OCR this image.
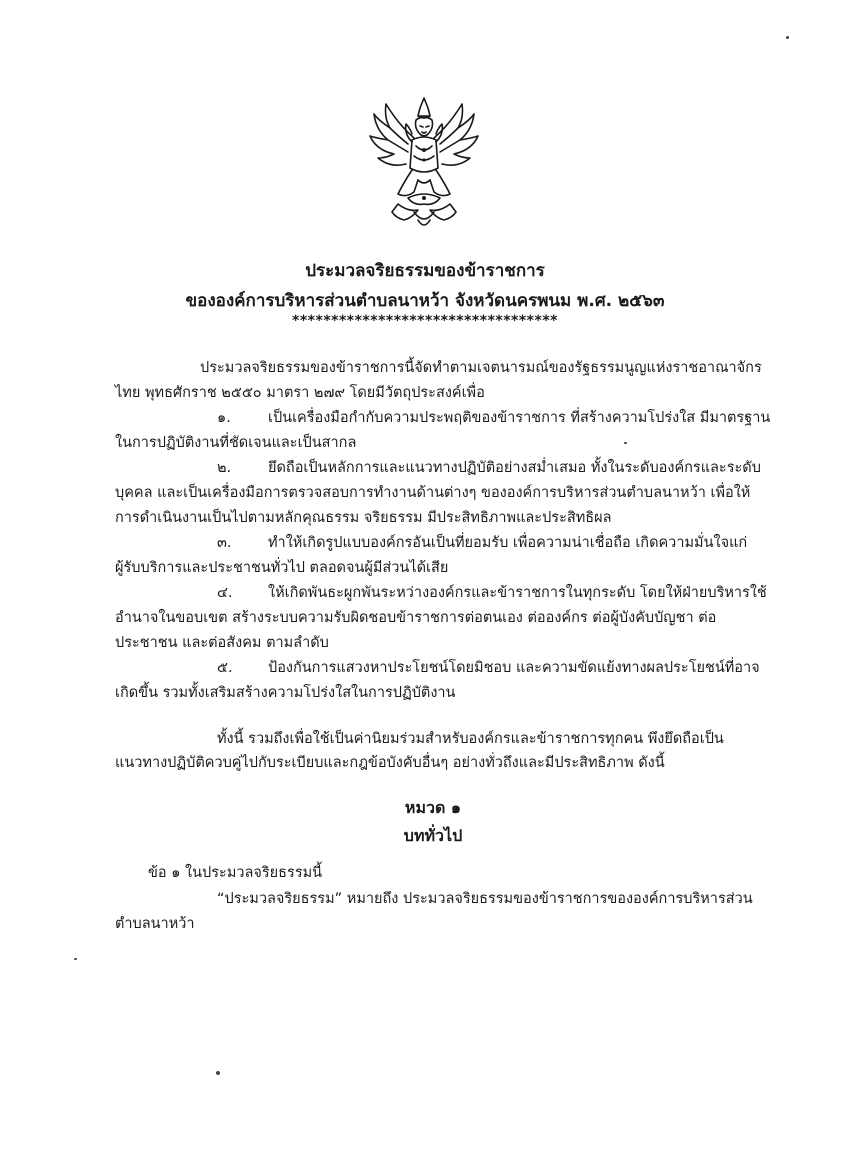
ประมวลจริยธรรมของข้าราชการ
ขององค์การบริหารส่วนตำบลนาหว้า จังหวัดนครพนม พ.ศ. ๒๕๖๓
**********************************
ประมวลจริยธรรมของข้าราชการนี้จัดทำตามเจตนารมณ์ของรัฐธรรมนูญแห่งราชอาณาจักร
ไทย พุทธศักราช ๒๕๕๐ มาตรา ๒๗๙ โดยมีวัตถุประสงค์เพื่อ
๑.	เป็นเครื่องมือกำกับความประพฤติของข้าราชการ ที่สร้างความโปร่งใส มีมาตรฐาน
ในการปฏิบัติงานที่ชัดเจนและเป็นสากล
๒.	ยึดถือเป็นหลักการและแนวทางปฏิบัติอย่างสม่ำเสมอ ทั้งในระดับองค์กรและระดับ
บุคคล และเป็นเครื่องมือการตรวจสอบการทำงานด้านต่างๆ ขององค์การบริหารส่วนตำบลนาหว้า เพื่อให้
การดำเนินงานเป็นไปตามหลักคุณธรรม จริยธรรม มีประสิทธิภาพและประสิทธิผล
๓.	ทำให้เกิดรูปแบบองค์กรอันเป็นที่ยอมรับ เพื่อความน่าเชื่อถือ เกิดความมั่นใจแก่
ผู้รับบริการและประชาชนทั่วไป ตลอดจนผู้มีส่วนได้เสีย
๔. ให้เกิดพันธะผูกพันระหว่างองค์กรและข้าราชการในทุกระดับ โดยให้ฝ่ายบริหารใช้
อำนาจในขอบเขต สร้างระบบความรับผิดชอบข้าราชการต่อตนเอง ต่อองค์กร ต่อผู้บังคับบัญชา ต่อ
ประชาชน และต่อสังคม ตามลำดับ
๕. ป้องกันการแสวงหาประโยชน์โดยมิชอบ และความขัดแย้งทางผลประโยชน์ที่อาจ
เกิดขึ้น รวมทั้งเสริมสร้างความโปร่งใสในการปฏิบัติงาน
ทั้งนี้ รวมถึงเพื่อใช้เป็นค่านิยมร่วมสำหรับองค์กรและข้าราชการทุกคน พึงยึดถือเป็น
แนวทางปฏิบัติควบคู่ไปกับระเบียบและกฎข้อบังคับอื่นๆ อย่างทั่วถึงและมีประสิทธิภาพ ดังนี้
หมวด ๑
บททั่วไป
ข้อ ๑ ในประมวลจริยธรรมนี้
“ประมวลจริยธรรม” หมายถึง ประมวลจริยธรรมของข้าราชการขององค์การบริหารส่วน
ตำบลนาหว้า
